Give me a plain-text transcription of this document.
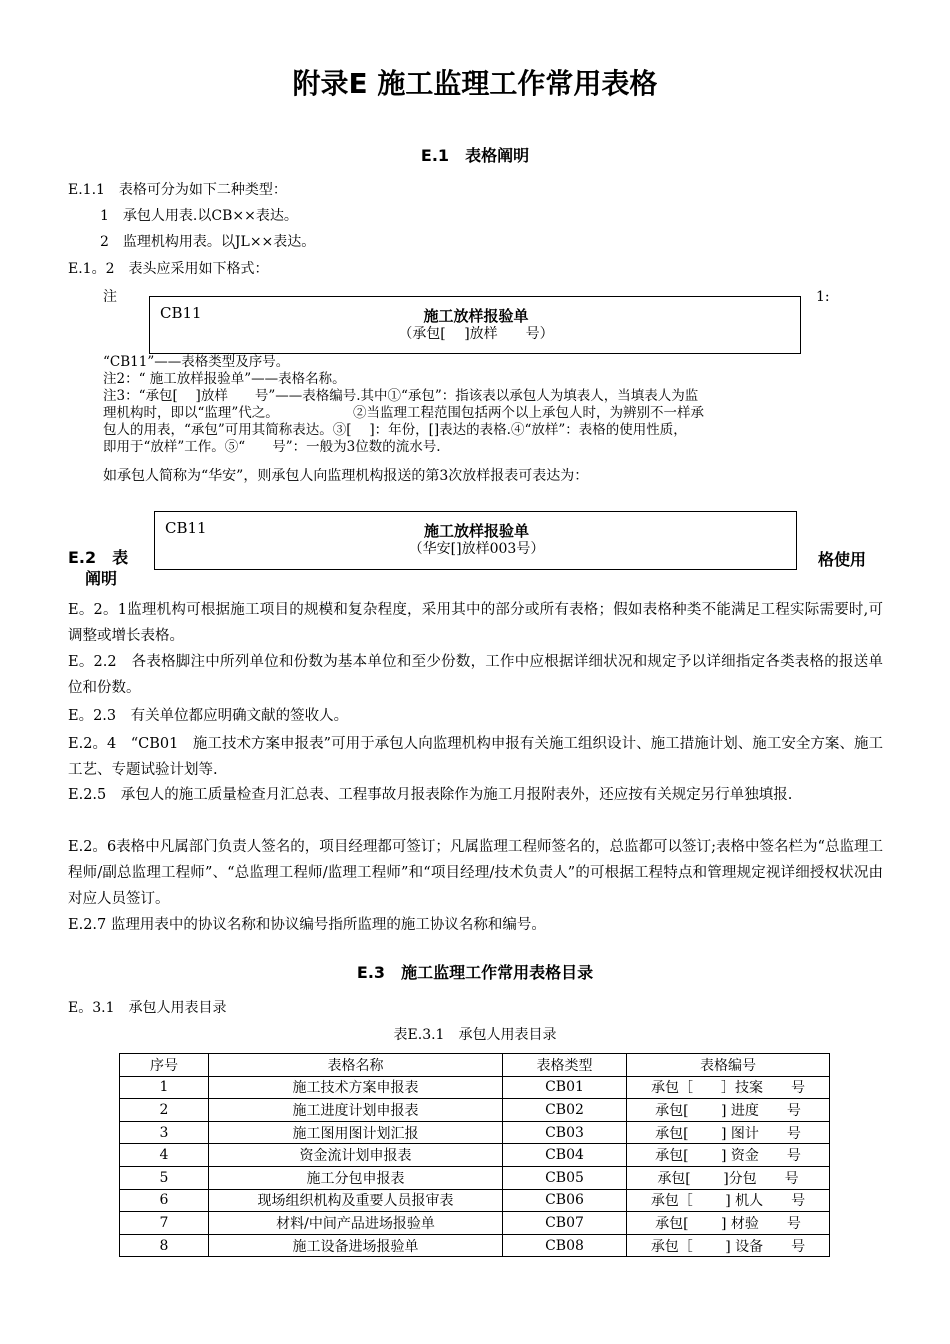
附录E 施工监理工作常用表格
E.1　表格阐明
E.1.1　表格可分为如下二种类型：
1　承包人用表.以CB××表达。
2　监理机构用表。以JL××表达。
E.1。2　表头应采用如下格式：
注	1:
CB11	施工放样报验单
（承包[　 ]放样　　号）
“CB11”——表格类型及序号。
注2：“ 施工放样报验单”——表格名称。
注3：“承包[　 ]放样　　号”——表格编号.其中①“承包”：指该表以承包人为填表人，当填表人为监
理机构时，即以“监理”代之。　　　　　　②当监理工程范围包括两个以上承包人时，为辨别不一样承
包人的用表，“承包”可用其简称表达。③[　 ]：年份，[]表达的表格.④“放样”：表格的使用性质，
即用于“放样”工作。⑤“　　号”：一般为3位数的流水号.
如承包人简称为“华安”，则承包人向监理机构报送的第3次放样报表可表达为：
E.2　表
阐明
格使用
CB11	施工放样报验单
（华安[]放样003号）
E。2。1监理机构可根据施工项目的规模和复杂程度，采用其中的部分或所有表格；假如表格种类不能满足工程实际需要时,可调整或增长表格。
E。2.2　各表格脚注中所列单位和份数为基本单位和至少份数，工作中应根据详细状况和规定予以详细指定各类表格的报送单位和份数。
E。2.3　有关单位都应明确文献的签收人。
E.2。4　“CB01　施工技术方案申报表”可用于承包人向监理机构申报有关施工组织设计、施工措施计划、施工安全方案、施工工艺、专题试验计划等.
E.2.5　承包人的施工质量检查月汇总表、工程事故月报表除作为施工月报附表外，还应按有关规定另行单独填报.
E.2。6表格中凡属部门负责人签名的，项目经理都可签订；凡属监理工程师签名的，总监都可以签订;表格中签名栏为“总监理工程师/副总监理工程师”、“总监理工程师/监理工程师”和“项目经理/技术负责人”的可根据工程特点和管理规定视详细授权状况由对应人员签订。
E.2.7 监理用表中的协议名称和协议编号指所监理的施工协议名称和编号。
E.3　施工监理工作常用表格目录
E。3.1　承包人用表目录
表E.3.1　承包人用表目录
序号	表格名称	表格类型	表格编号
1	施工技术方案申报表	CB01	承包［　　］技案　　号
2	施工进度计划申报表	CB02	承包[　　 ] 进度　　号
3	施工图用图计划汇报	CB03	承包[　　 ] 图计　　号
4	资金流计划申报表	CB04	承包[　　 ] 资金　　号
5	施工分包申报表	CB05	承包[　　 ]分包　　号
6	现场组织机构及重要人员报审表	CB06	承包［　　 ] 机人　　号
7	材料/中间产品进场报验单	CB07	承包[　　 ] 材验　　号
8	施工设备进场报验单	CB08	承包［　　 ] 设备　　号
